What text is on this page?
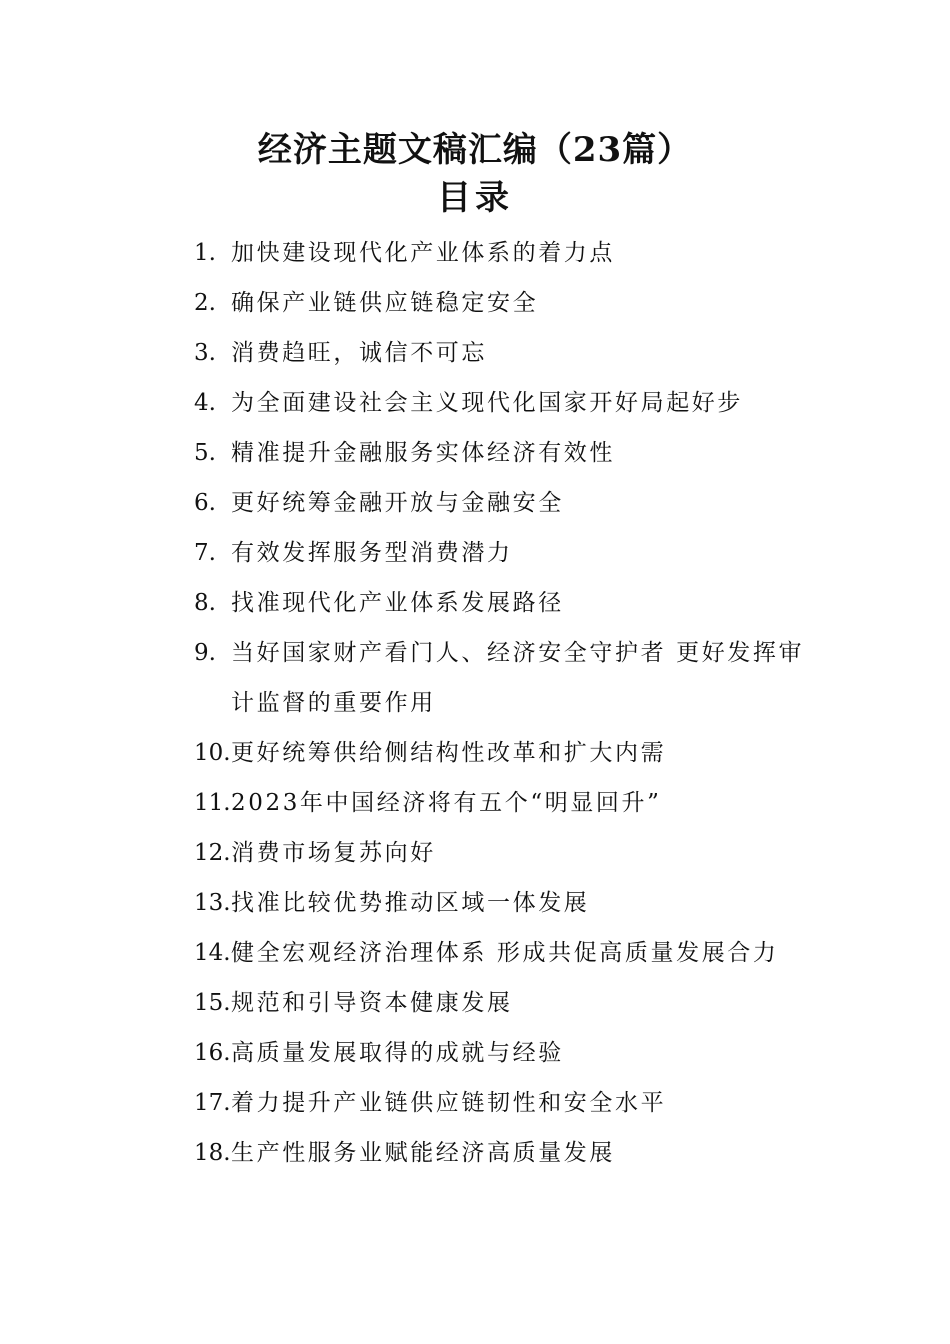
经济主题文稿汇编（23篇）
目录
1. 加快建设现代化产业体系的着力点
2. 确保产业链供应链稳定安全
3. 消费趋旺，诚信不可忘
4. 为全面建设社会主义现代化国家开好局起好步
5. 精准提升金融服务实体经济有效性
6. 更好统筹金融开放与金融安全
7. 有效发挥服务型消费潜力
8. 找准现代化产业体系发展路径
9. 当好国家财产看门人、经济安全守护者 更好发挥审计监督的重要作用
10. 更好统筹供给侧结构性改革和扩大内需
11. 2023年中国经济将有五个“明显回升”
12. 消费市场复苏向好
13. 找准比较优势推动区域一体发展
14. 健全宏观经济治理体系 形成共促高质量发展合力
15. 规范和引导资本健康发展
16. 高质量发展取得的成就与经验
17. 着力提升产业链供应链韧性和安全水平
18. 生产性服务业赋能经济高质量发展
